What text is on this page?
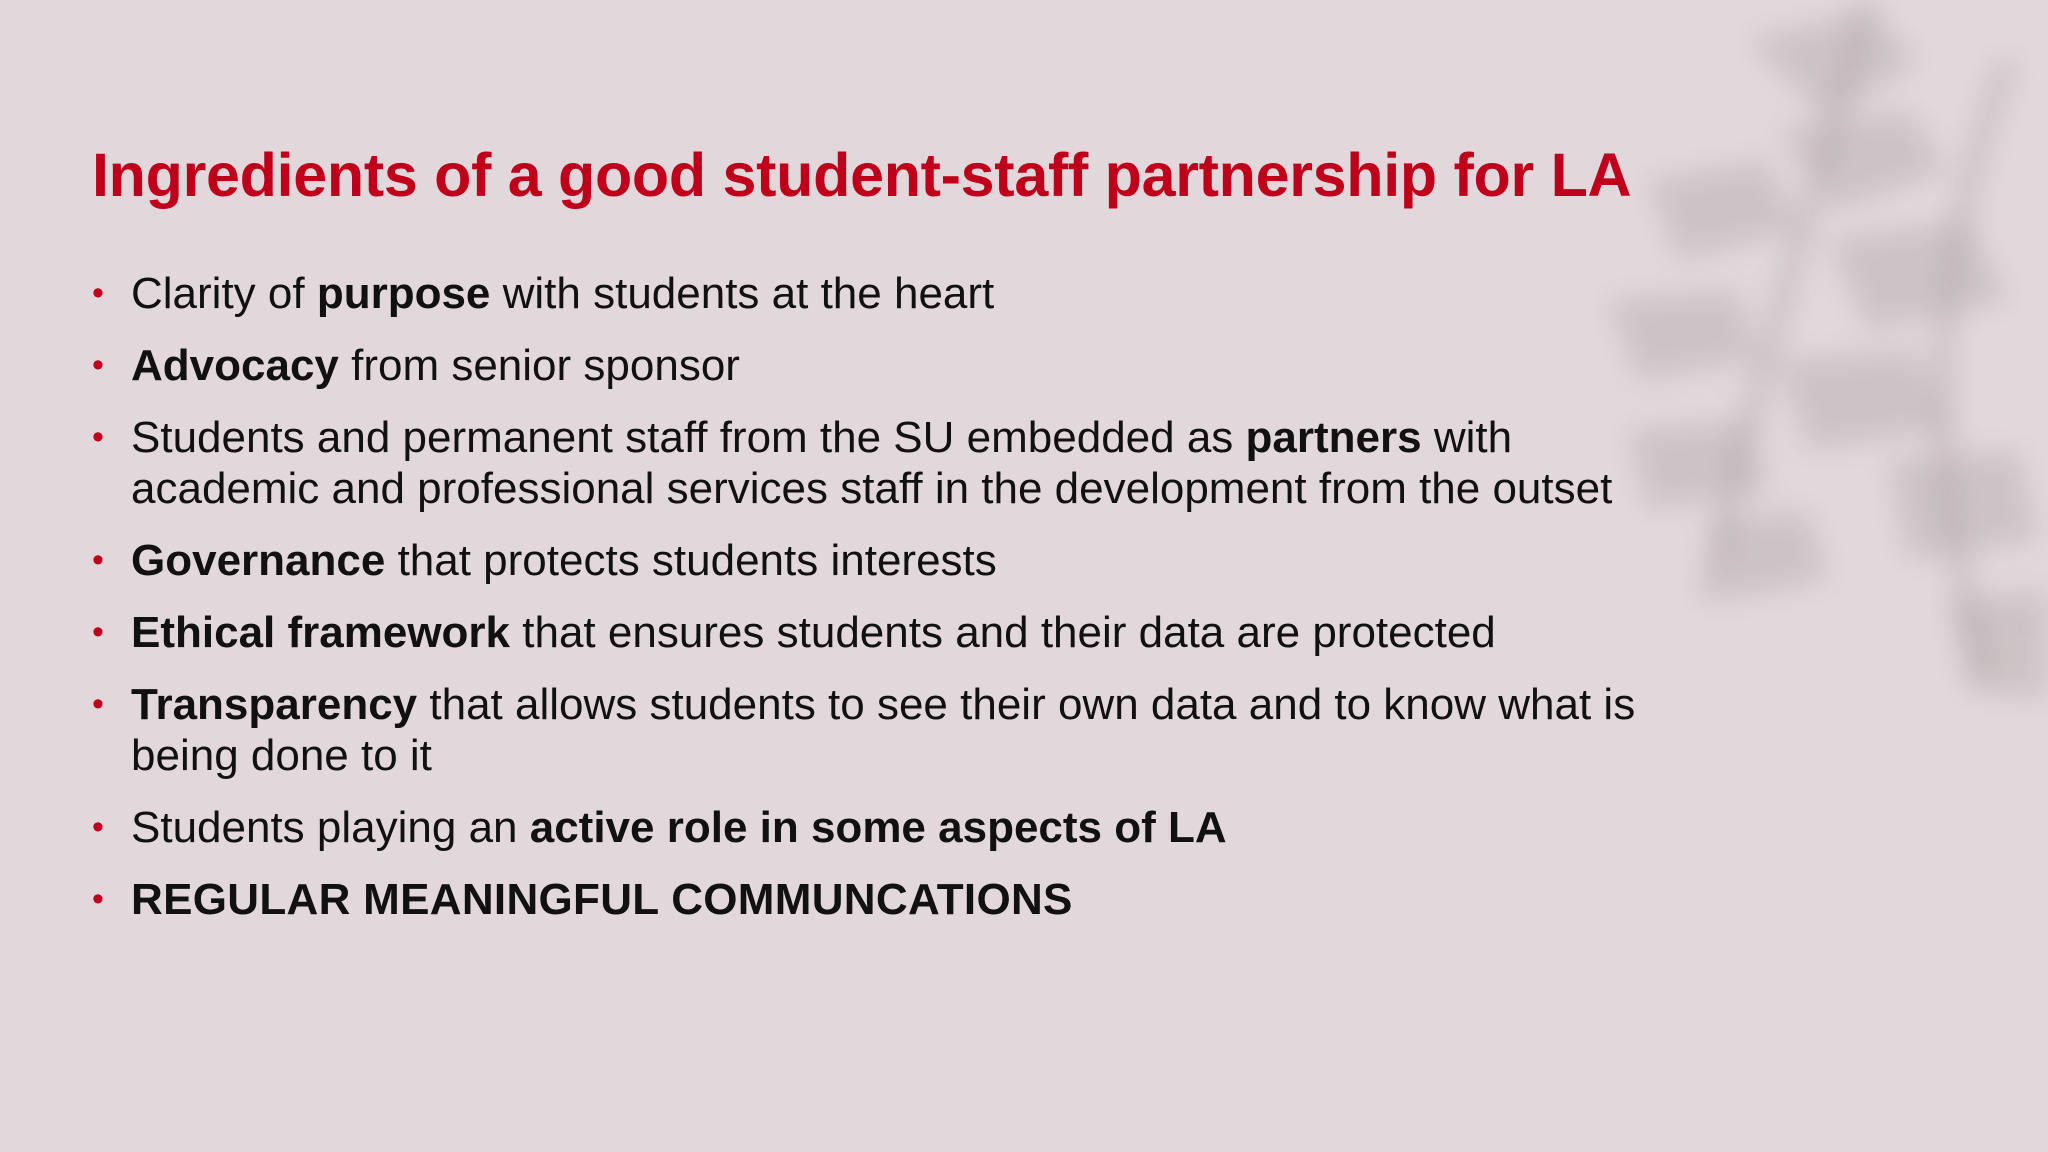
Ingredients of a good student-staff partnership for LA
• Clarity of purpose with students at the heart
• Advocacy from senior sponsor
• Students and permanent staff from the SU embedded as partners with academic and professional services staff in the development from the outset
• Governance that protects students interests
• Ethical framework that ensures students and their data are protected
• Transparency that allows students to see their own data and to know what is being done to it
• Students playing an active role in some aspects of LA
• REGULAR MEANINGFUL COMMUNCATIONS
